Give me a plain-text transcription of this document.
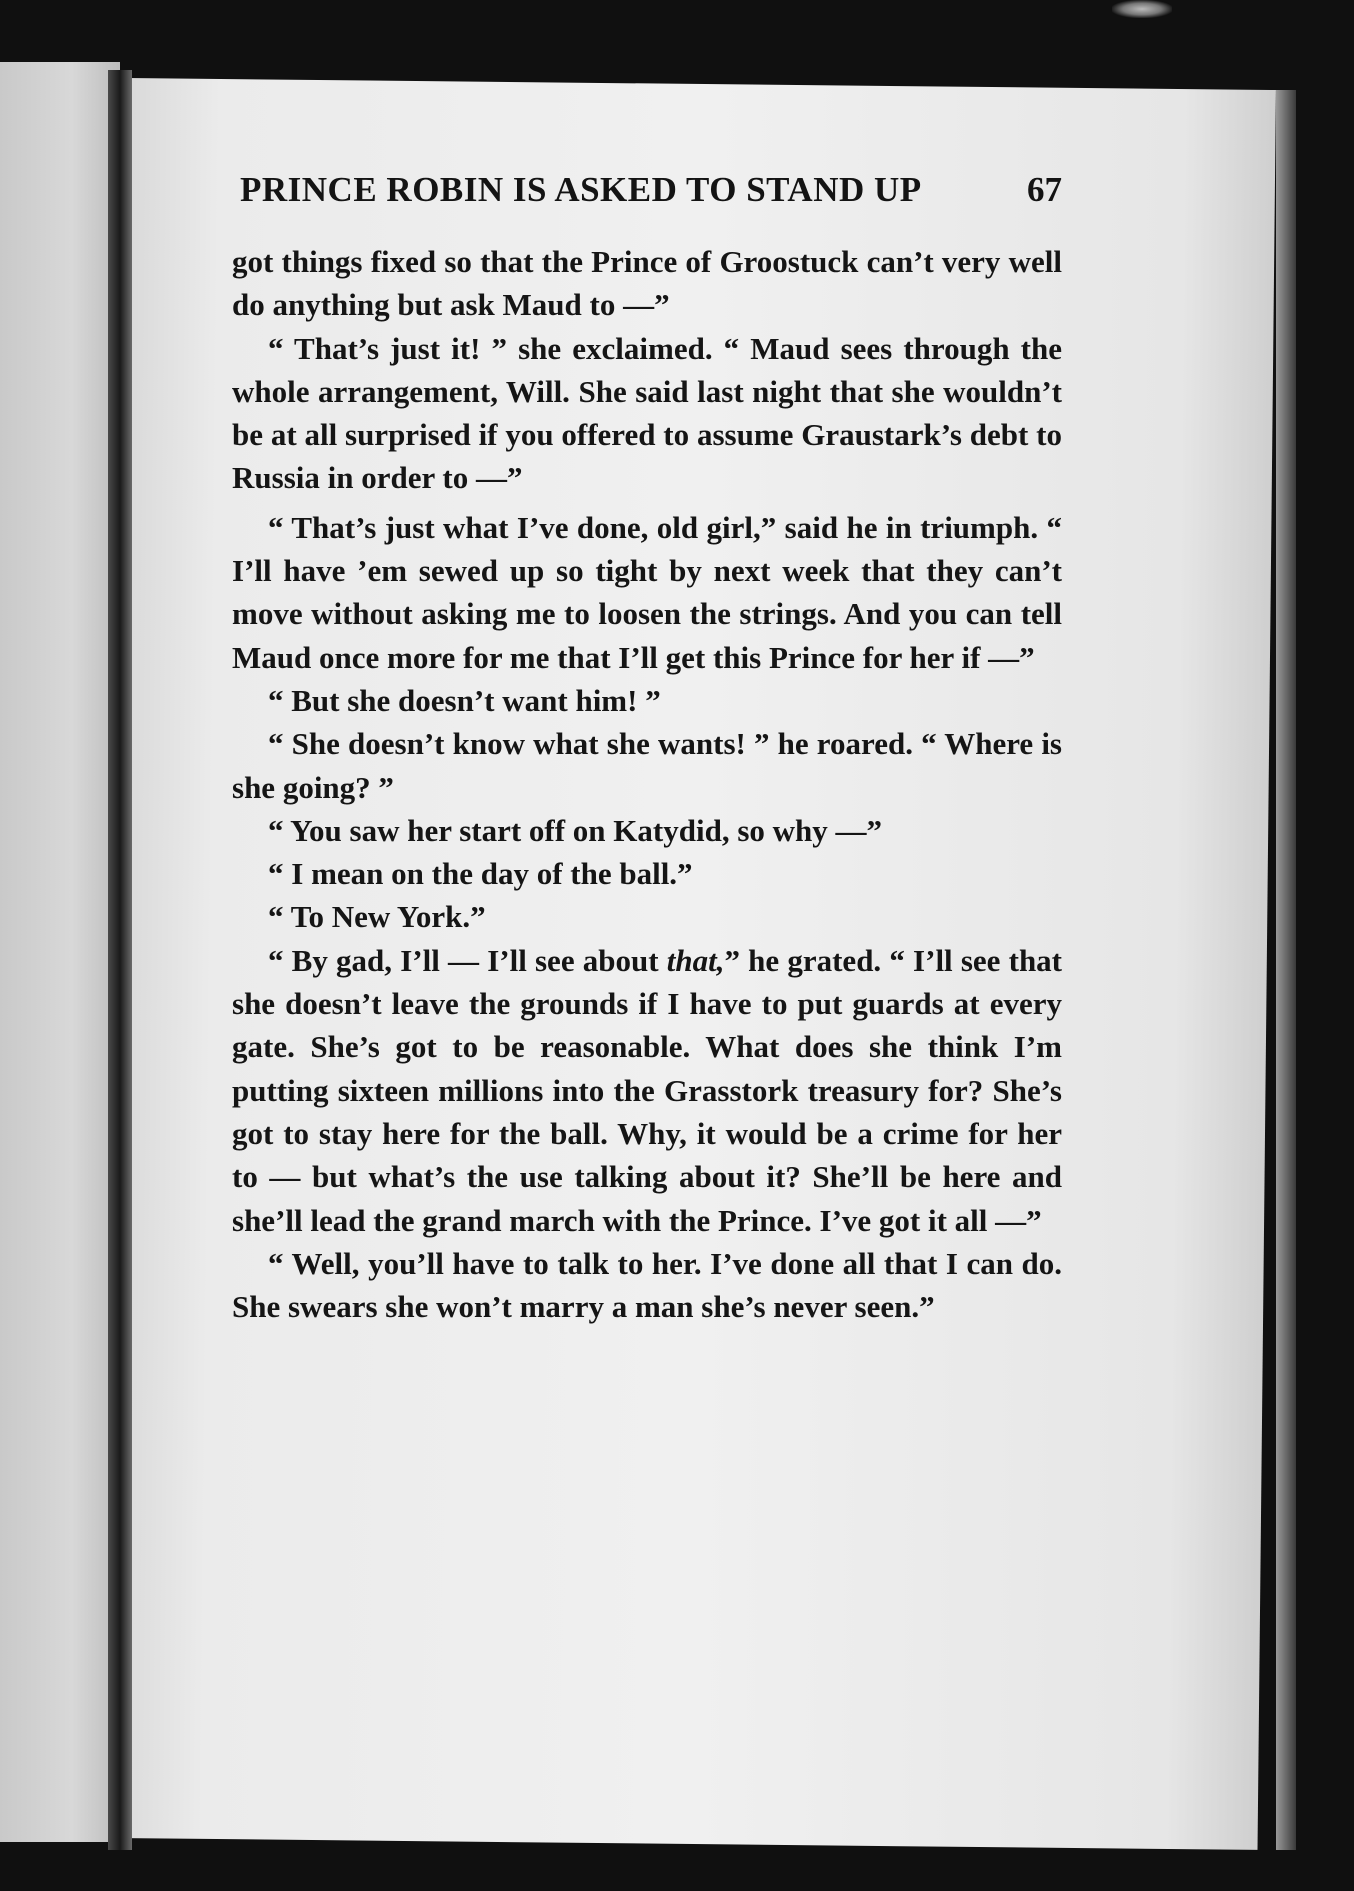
PRINCE ROBIN IS ASKED TO STAND UP	67

got things fixed so that the Prince of Groostuck can’t very well do anything but ask Maud to —”

“ That’s just it! ” she exclaimed. “ Maud sees through the whole arrangement, Will. She said last night that she wouldn’t be at all surprised if you offered to assume Graustark’s debt to Russia in order to —”

“ That’s just what I’ve done, old girl,” said he in triumph. “ I’ll have ’em sewed up so tight by next week that they can’t move without asking me to loosen the strings. And you can tell Maud once more for me that I’ll get this Prince for her if —”

“ But she doesn’t want him! ”

“ She doesn’t know what she wants! ” he roared. “ Where is she going? ”

“ You saw her start off on Katydid, so why —”

“ I mean on the day of the ball.”

“ To New York.”

“ By gad, I’ll — I’ll see about that,” he grated. “ I’ll see that she doesn’t leave the grounds if I have to put guards at every gate. She’s got to be reasonable. What does she think I’m putting sixteen millions into the Grasstork treasury for? She’s got to stay here for the ball. Why, it would be a crime for her to — but what’s the use talking about it? She’ll be here and she’ll lead the grand march with the Prince. I’ve got it all —”

“ Well, you’ll have to talk to her. I’ve done all that I can do. She swears she won’t marry a man she’s never seen.”
